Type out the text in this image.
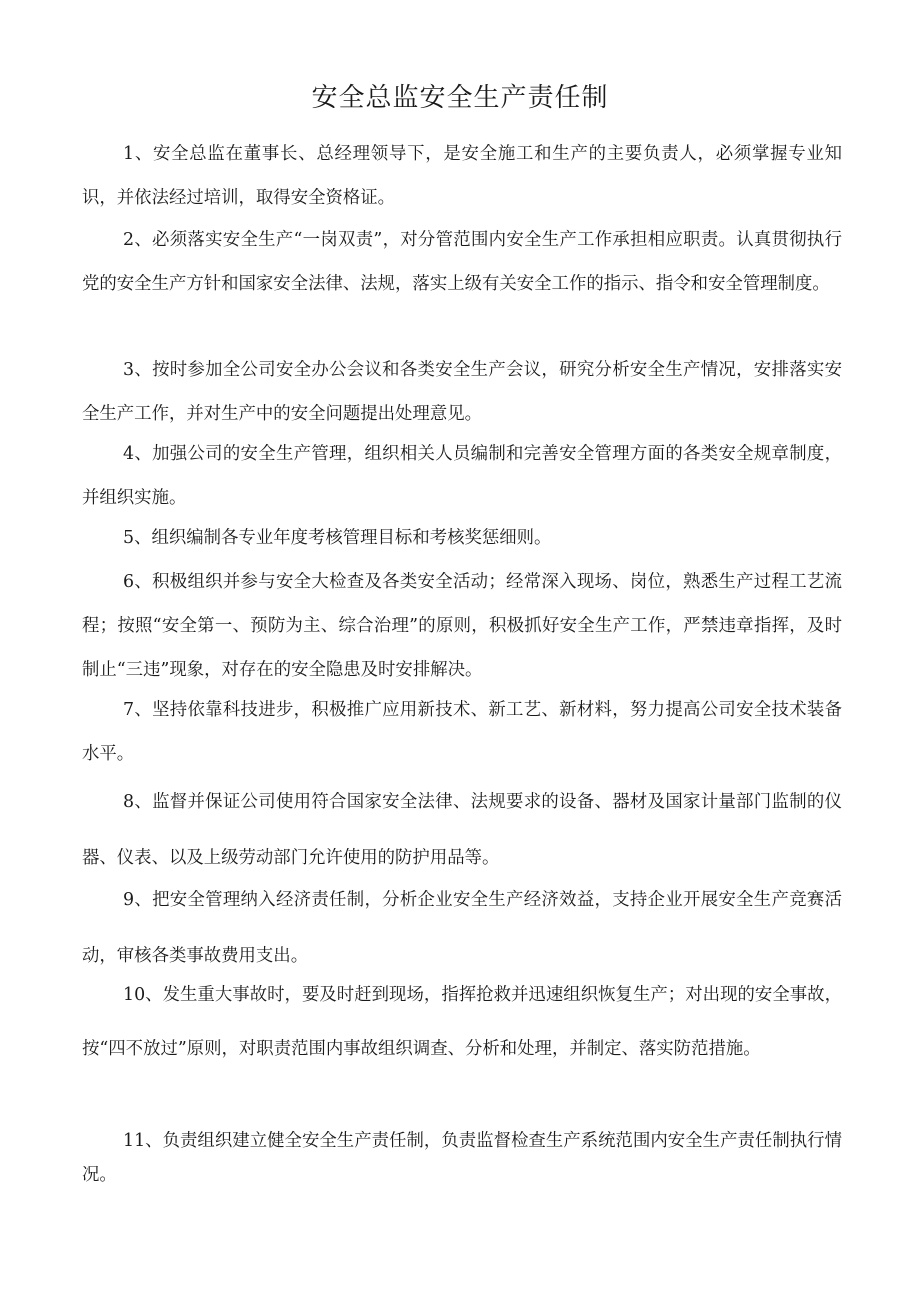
安全总监安全生产责任制

1、安全总监在董事长、总经理领导下，是安全施工和生产的主要负责人，必须掌握专业知识，并依法经过培训，取得安全资格证。

2、必须落实安全生产“一岗双责”，对分管范围内安全生产工作承担相应职责。认真贯彻执行党的安全生产方针和国家安全法律、法规，落实上级有关安全工作的指示、指令和安全管理制度。

3、按时参加全公司安全办公会议和各类安全生产会议，研究分析安全生产情况，安排落实安全生产工作，并对生产中的安全问题提出处理意见。

4、加强公司的安全生产管理，组织相关人员编制和完善安全管理方面的各类安全规章制度，并组织实施。

5、组织编制各专业年度考核管理目标和考核奖惩细则。

6、积极组织并参与安全大检查及各类安全活动；经常深入现场、岗位，熟悉生产过程工艺流程；按照“安全第一、预防为主、综合治理”的原则，积极抓好安全生产工作，严禁违章指挥，及时制止“三违”现象，对存在的安全隐患及时安排解决。

7、坚持依靠科技进步，积极推广应用新技术、新工艺、新材料，努力提高公司安全技术装备水平。

8、监督并保证公司使用符合国家安全法律、法规要求的设备、器材及国家计量部门监制的仪器、仪表、以及上级劳动部门允许使用的防护用品等。

9、把安全管理纳入经济责任制，分析企业安全生产经济效益，支持企业开展安全生产竞赛活动，审核各类事故费用支出。

10、发生重大事故时，要及时赶到现场，指挥抢救并迅速组织恢复生产；对出现的安全事故，按“四不放过”原则，对职责范围内事故组织调查、分析和处理，并制定、落实防范措施。

11、负责组织建立健全安全生产责任制，负责监督检查生产系统范围内安全生产责任制执行情况。
